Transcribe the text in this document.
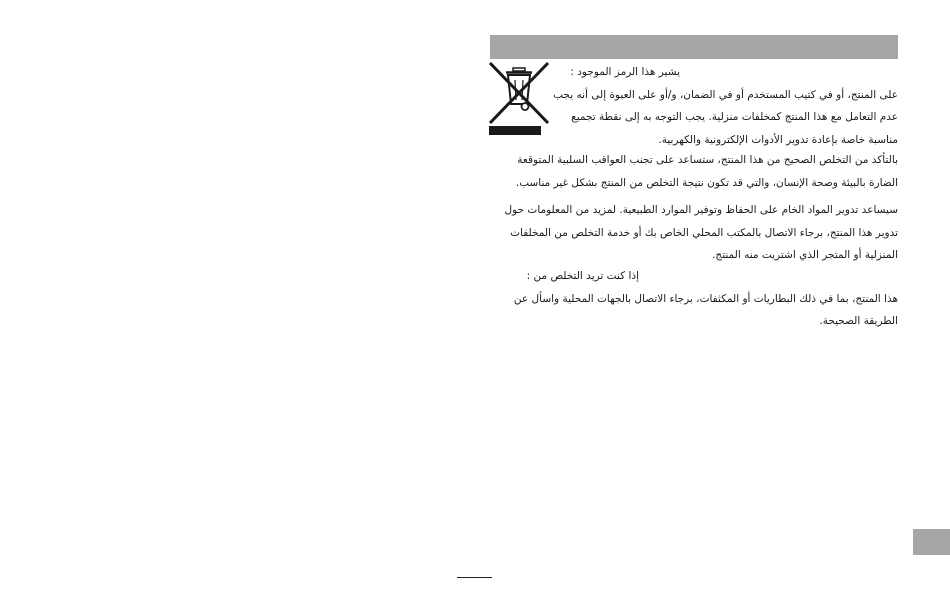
يشير هذا الرمز الموجود :
على المنتج، أو في كتيب المستخدم أو في الضمان، و/أو على العبوة إلى أنه يجب
عدم التعامل مع هذا المنتج كمخلفات منزلية. يجب التوجه به إلى نقطة تجميع
مناسبة خاصة بإعادة تدوير الأدوات الإلكترونية والكهربية.
بالتأكد من التخلص الصحيح من هذا المنتج، ستساعد على تجنب العواقب السلبية المتوقعة
الضارة بالبيئة وصحة الإنسان، والتي قد تكون نتيجة التخلص من المنتج بشكل غير مناسب.
سيساعد تدوير المواد الخام على الحفاظ وتوفير الموارد الطبيعية. لمزيد من المعلومات حول
تدوير هذا المنتج، برجاء الاتصال بالمكتب المحلي الخاص بك أو خدمة التخلص من المخلفات
المنزلية أو المتجر الذي اشتريت منه المنتج.
إذا كنت تريد التخلص من :
هذا المنتج، بما في ذلك البطاريات أو المكثفات، برجاء الاتصال بالجهات المحلية واسأل عن
الطريقة الصحيحة.
